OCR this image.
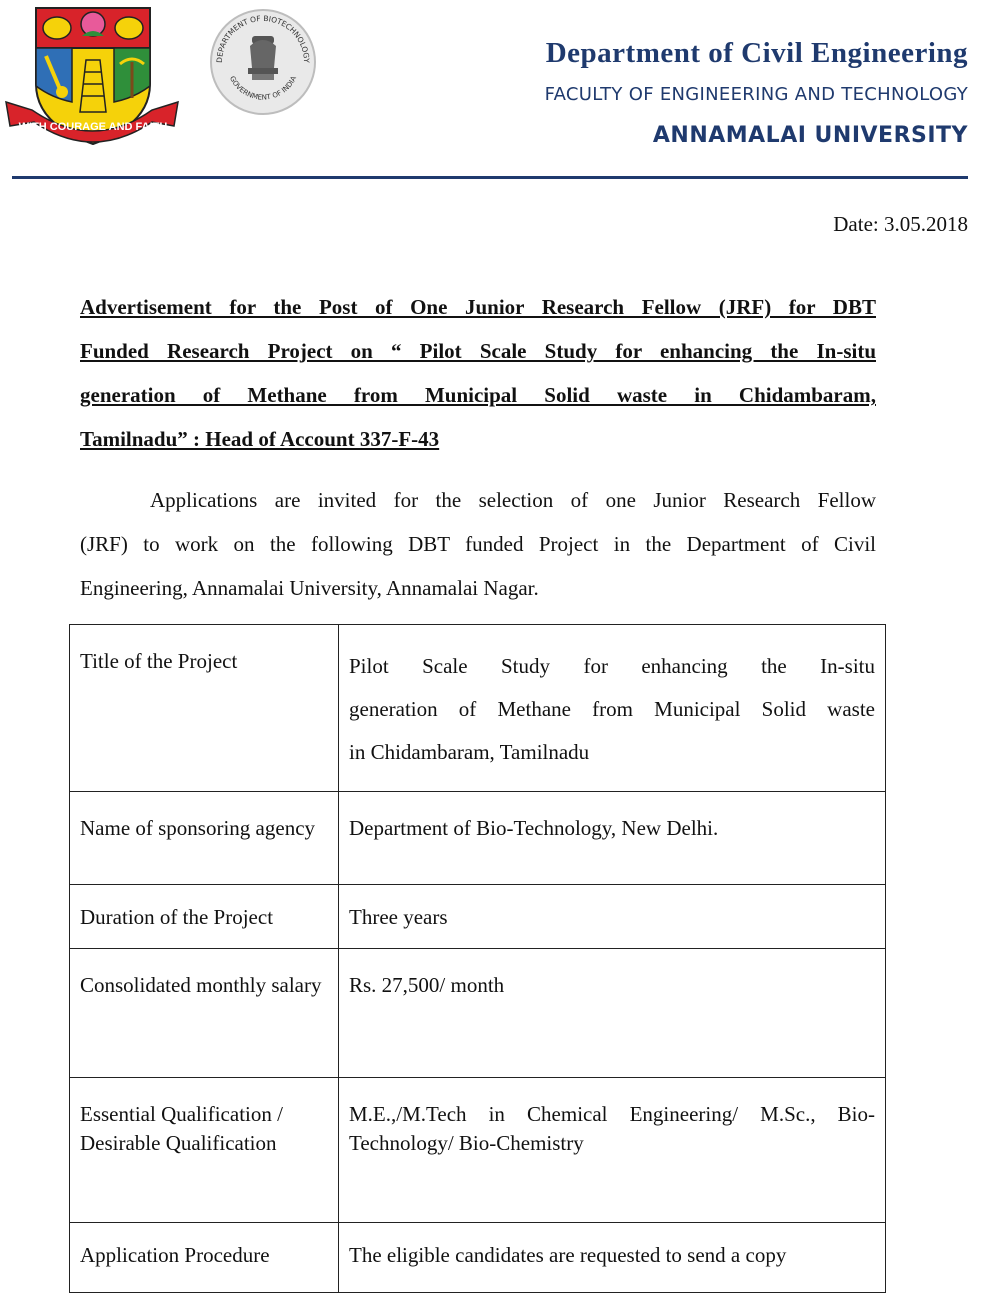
WITH COURAGE AND FAITH
DEPARTMENT OF BIOTECHNOLOGY
GOVERNMENT OF INDIA
Department of Civil Engineering
FACULTY OF ENGINEERING AND TECHNOLOGY
ANNAMALAI UNIVERSITY
Date: 3.05.2018
Advertisement for the Post of One Junior Research Fellow (JRF) for DBT
Funded Research Project on “ Pilot Scale Study for enhancing the In-situ
generation of Methane from Municipal Solid waste in Chidambaram,
Tamilnadu” : Head of Account 337-F-43
Applications are invited for the selection of one Junior Research Fellow
(JRF) to work on the following DBT funded Project in the Department of Civil
Engineering, Annamalai University, Annamalai Nagar.
Title of the Project	Pilot Scale Study for enhancing the In-situ
generation of Methane from Municipal Solid waste
in Chidambaram, Tamilnadu

Name of sponsoring agency	Department of Bio-Technology, New Delhi.

Duration of the Project	Three years

Consolidated monthly salary	Rs. 27,500/ month

Essential Qualification / Desirable Qualification	M.E.,/M.Tech in Chemical Engineering/ M.Sc., Bio-Technology/ Bio-Chemistry

Application Procedure	The eligible candidates are requested to send a copy
